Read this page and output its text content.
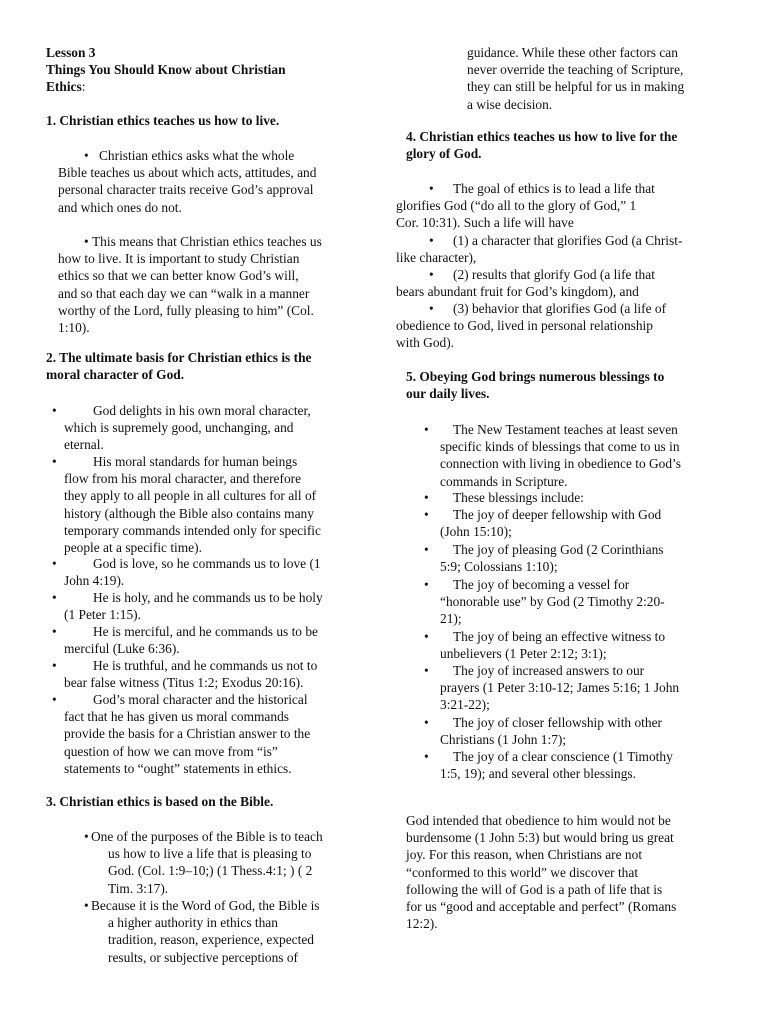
Lesson 3
Things You Should Know about Christian
Ethics:
1. Christian ethics teaches us how to live.
• Christian ethics asks what the whole
Bible teaches us about which acts, attitudes, and
personal character traits receive God’s approval
and which ones do not.
• This means that Christian ethics teaches us
how to live. It is important to study Christian
ethics so that we can better know God’s will,
and so that each day we can “walk in a manner
worthy of the Lord, fully pleasing to him” (Col.
1:10).
2. The ultimate basis for Christian ethics is the
moral character of God.
•	God delights in his own moral character,
which is supremely good, unchanging, and
eternal.
•	His moral standards for human beings
flow from his moral character, and therefore
they apply to all people in all cultures for all of
history (although the Bible also contains many
temporary commands intended only for specific
people at a specific time).
•	God is love, so he commands us to love (1
John 4:19).
•	He is holy, and he commands us to be holy
(1 Peter 1:15).
•	He is merciful, and he commands us to be
merciful (Luke 6:36).
•	He is truthful, and he commands us not to
bear false witness (Titus 1:2; Exodus 20:16).
•	God’s moral character and the historical
fact that he has given us moral commands
provide the basis for a Christian answer to the
question of how we can move from “is”
statements to “ought” statements in ethics.
3. Christian ethics is based on the Bible.
• One of the purposes of the Bible is to teach
us how to live a life that is pleasing to
God. (Col. 1:9–10;) (1 Thess.4:1; ) ( 2
Tim. 3:17).
• Because it is the Word of God, the Bible is
a higher authority in ethics than
tradition, reason, experience, expected
results, or subjective perceptions of
guidance. While these other factors can
never override the teaching of Scripture,
they can still be helpful for us in making
a wise decision.
4. Christian ethics teaches us how to live for the
glory of God.
•	The goal of ethics is to lead a life that
glorifies God (“do all to the glory of God,” 1
Cor. 10:31). Such a life will have
•	(1) a character that glorifies God (a Christ-
like character),
•	(2) results that glorify God (a life that
bears abundant fruit for God’s kingdom), and
•	(3) behavior that glorifies God (a life of
obedience to God, lived in personal relationship
with God).
5. Obeying God brings numerous blessings to
our daily lives.
•	The New Testament teaches at least seven
specific kinds of blessings that come to us in
connection with living in obedience to God’s
commands in Scripture.
•	These blessings include:
•	The joy of deeper fellowship with God
(John 15:10);
•	The joy of pleasing God (2 Corinthians
5:9; Colossians 1:10);
•	The joy of becoming a vessel for
“honorable use” by God (2 Timothy 2:20-
21);
•	The joy of being an effective witness to
unbelievers (1 Peter 2:12; 3:1);
•	The joy of increased answers to our
prayers (1 Peter 3:10-12; James 5:16; 1 John
3:21-22);
•	The joy of closer fellowship with other
Christians (1 John 1:7);
•	The joy of a clear conscience (1 Timothy
1:5, 19); and several other blessings.
God intended that obedience to him would not be
burdensome (1 John 5:3) but would bring us great
joy. For this reason, when Christians are not
“conformed to this world” we discover that
following the will of God is a path of life that is
for us “good and acceptable and perfect” (Romans
12:2).
